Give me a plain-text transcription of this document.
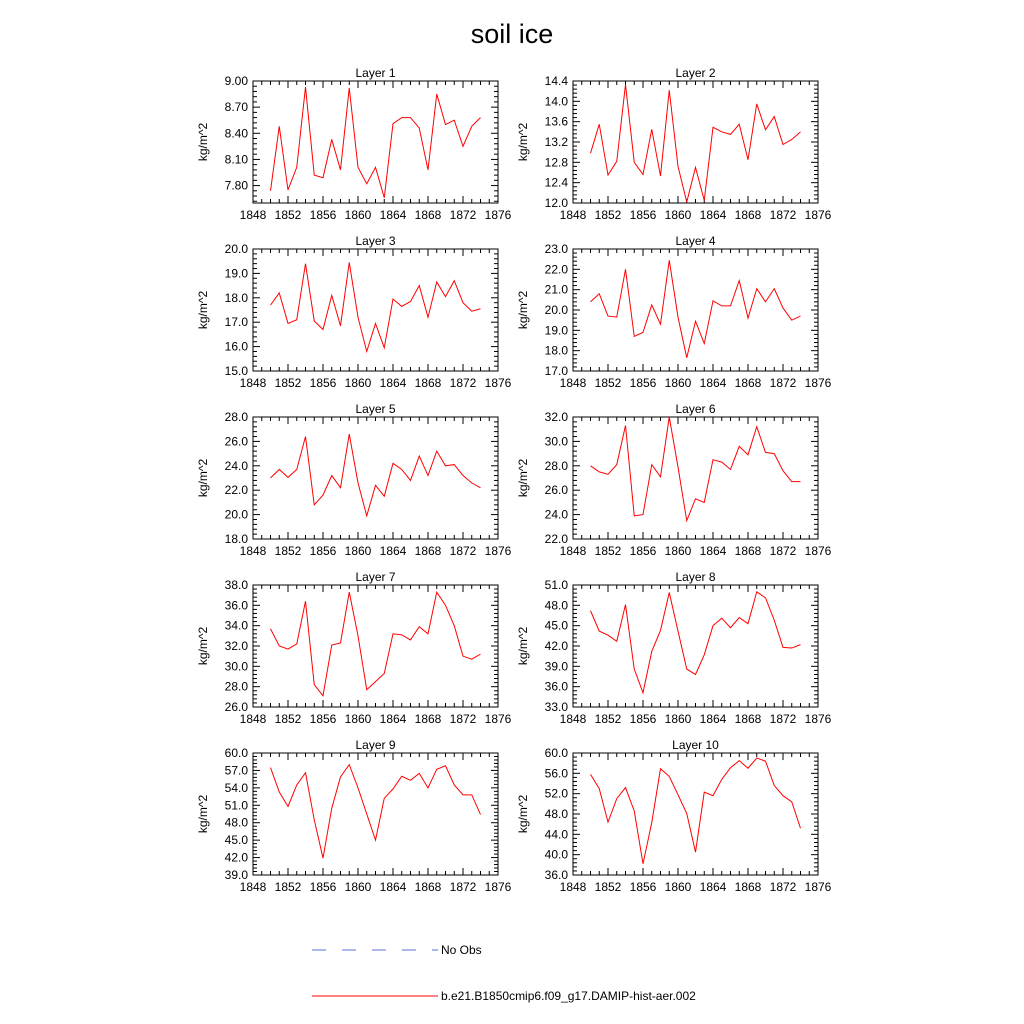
soil ice
Layer 1
kg/m^2
1848 1852 1856 1860 1864 1868 1872 1876
7.80
8.10
8.40
8.70
9.00
Layer 2
kg/m^2
1848 1852 1856 1860 1864 1868 1872 1876
12.0
12.4
12.8
13.2
13.6
14.0
14.4
Layer 3
kg/m^2
1848 1852 1856 1860 1864 1868 1872 1876
15.0
16.0
17.0
18.0
19.0
20.0
Layer 4
kg/m^2
1848 1852 1856 1860 1864 1868 1872 1876
17.0
18.0
19.0
20.0
21.0
22.0
23.0
Layer 5
kg/m^2
1848 1852 1856 1860 1864 1868 1872 1876
18.0
20.0
22.0
24.0
26.0
28.0
Layer 6
kg/m^2
1848 1852 1856 1860 1864 1868 1872 1876
22.0
24.0
26.0
28.0
30.0
32.0
Layer 7
kg/m^2
1848 1852 1856 1860 1864 1868 1872 1876
26.0
28.0
30.0
32.0
34.0
36.0
38.0
Layer 8
kg/m^2
1848 1852 1856 1860 1864 1868 1872 1876
33.0
36.0
39.0
42.0
45.0
48.0
51.0
Layer 9
kg/m^2
1848 1852 1856 1860 1864 1868 1872 1876
39.0
42.0
45.0
48.0
51.0
54.0
57.0
60.0
Layer 10
kg/m^2
1848 1852 1856 1860 1864 1868 1872 1876
36.0
40.0
44.0
48.0
52.0
56.0
60.0
No Obs
b.e21.B1850cmip6.f09_g17.DAMIP-hist-aer.002
